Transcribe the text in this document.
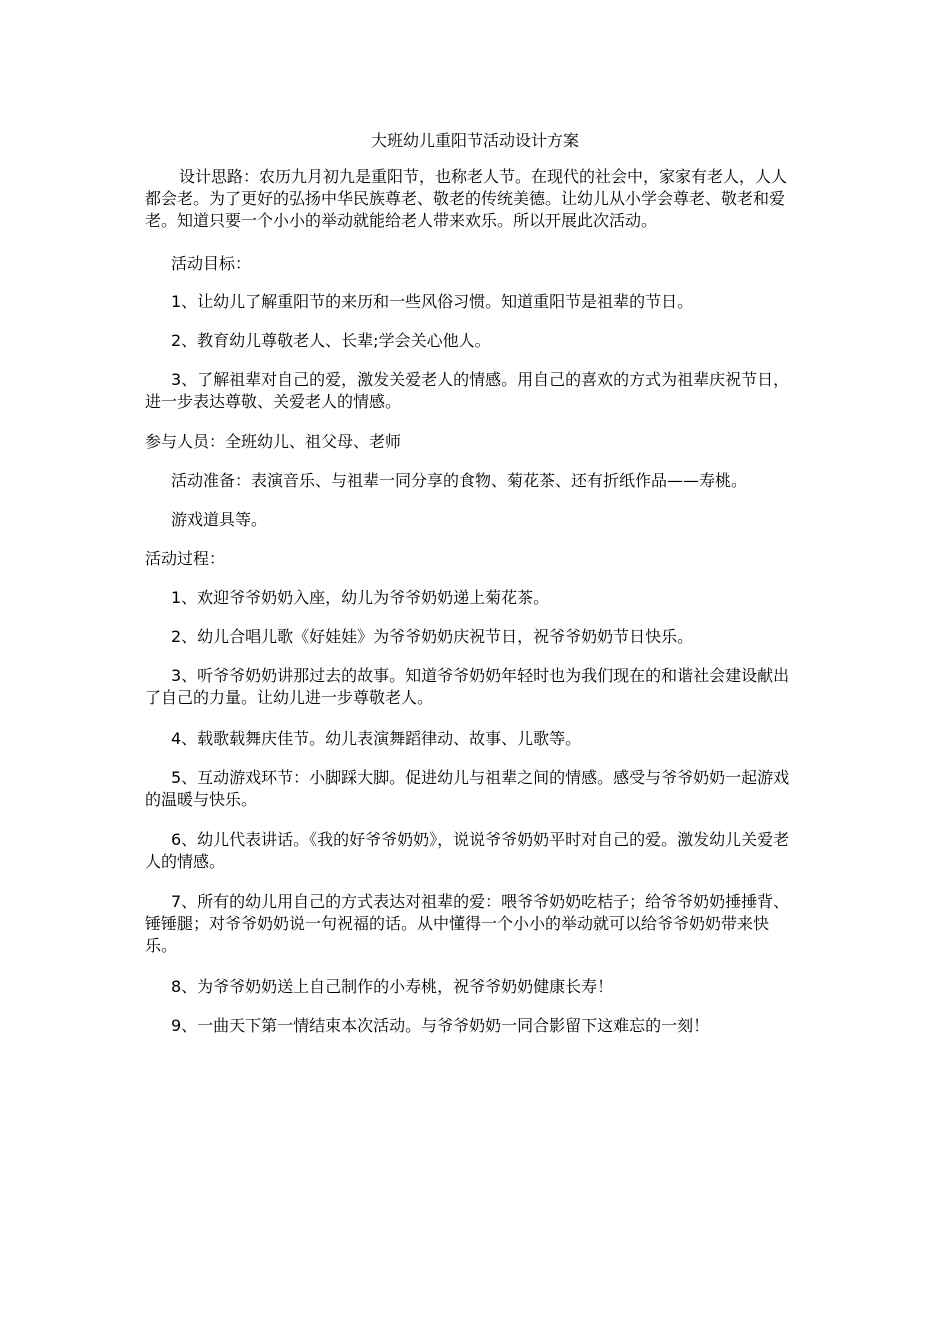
大班幼儿重阳节活动设计方案
设计思路：农历九月初九是重阳节，也称老人节。在现代的社会中，家家有老人，人人都会老。为了更好的弘扬中华民族尊老、敬老的传统美德。让幼儿从小学会尊老、敬老和爱老。知道只要一个小小的举动就能给老人带来欢乐。所以开展此次活动。
活动目标：
1、让幼儿了解重阳节的来历和一些风俗习惯。知道重阳节是祖辈的节日。
2、教育幼儿尊敬老人、长辈;学会关心他人。
3、了解祖辈对自己的爱，激发关爱老人的情感。用自己的喜欢的方式为祖辈庆祝节日，进一步表达尊敬、关爱老人的情感。
参与人员：全班幼儿、祖父母、老师
活动准备：表演音乐、与祖辈一同分享的食物、菊花茶、还有折纸作品——寿桃。
游戏道具等。
活动过程：
1、欢迎爷爷奶奶入座，幼儿为爷爷奶奶递上菊花茶。
2、幼儿合唱儿歌《好娃娃》为爷爷奶奶庆祝节日，祝爷爷奶奶节日快乐。
3、听爷爷奶奶讲那过去的故事。知道爷爷奶奶年轻时也为我们现在的和谐社会建设献出了自己的力量。让幼儿进一步尊敬老人。
4、载歌载舞庆佳节。幼儿表演舞蹈律动、故事、儿歌等。
5、互动游戏环节：小脚踩大脚。促进幼儿与祖辈之间的情感。感受与爷爷奶奶一起游戏的温暖与快乐。
6、幼儿代表讲话。《我的好爷爷奶奶》，说说爷爷奶奶平时对自己的爱。激发幼儿关爱老人的情感。
7、所有的幼儿用自己的方式表达对祖辈的爱：喂爷爷奶奶吃桔子；给爷爷奶奶捶捶背、锤锤腿；对爷爷奶奶说一句祝福的话。从中懂得一个小小的举动就可以给爷爷奶奶带来快乐。
8、为爷爷奶奶送上自己制作的小寿桃，祝爷爷奶奶健康长寿！
9、一曲天下第一情结束本次活动。与爷爷奶奶一同合影留下这难忘的一刻！
